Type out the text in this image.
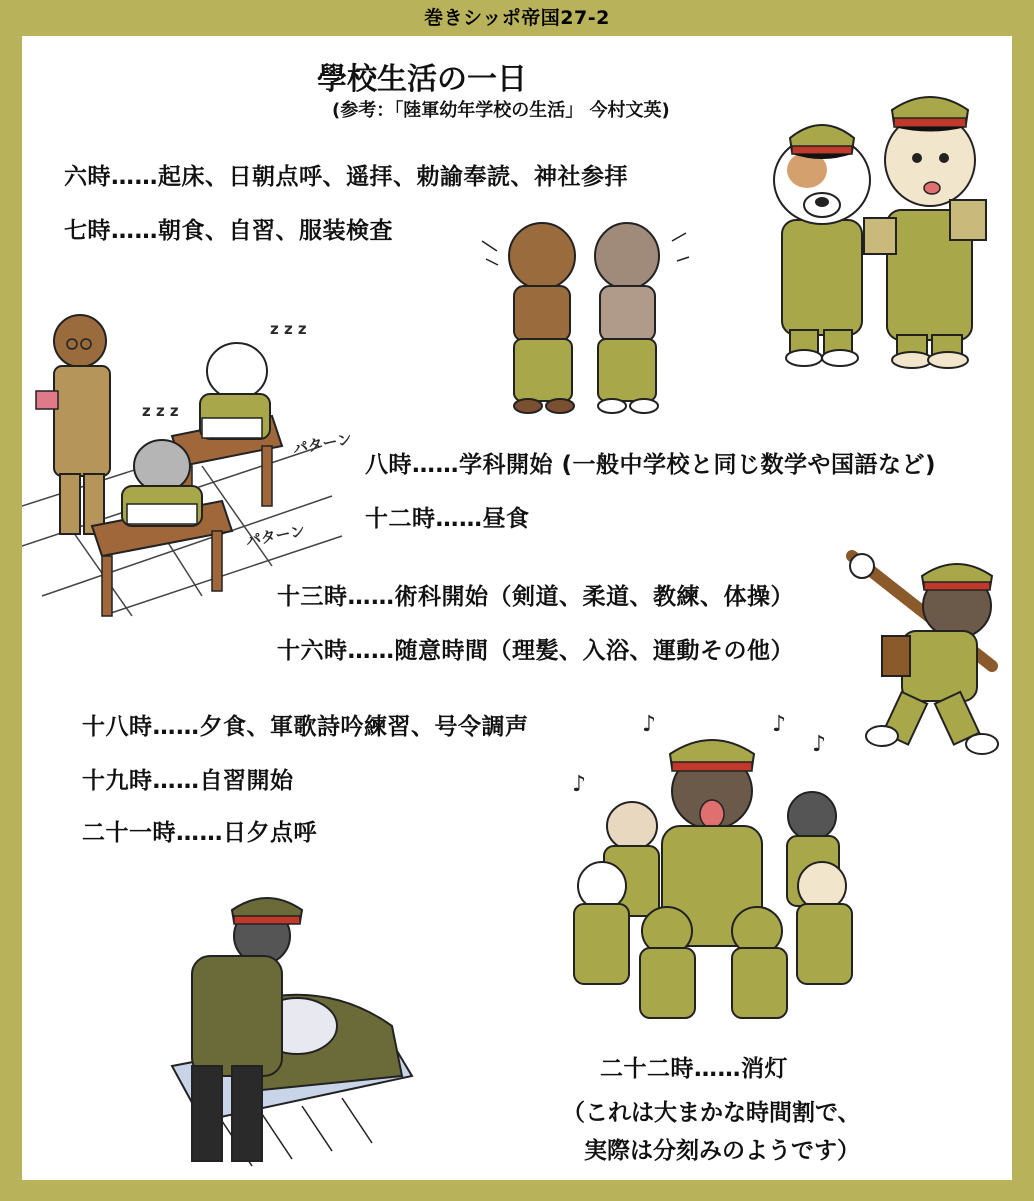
巻きシッポ帝国27-2
學校生活の一日
(参考：「陸軍幼年学校の生活」 今村文英)
六時……起床、日朝点呼、遥拝、勅諭奉読、神社参拝
七時……朝食、自習、服装検査
八時……学科開始 (一般中学校と同じ数学や国語など)
十二時……昼食
十三時……術科開始（剣道、柔道、教練、体操）
十六時……随意時間（理髪、入浴、運動その他）
十八時……夕食、軍歌詩吟練習、号令調声
十九時……自習開始
二十一時……日夕点呼
二十二時……消灯
（これは大まかな時間割で、
実際は分刻みのようです）
z z z
z z z
パターン
パターン
♪	♪
♪
♪
